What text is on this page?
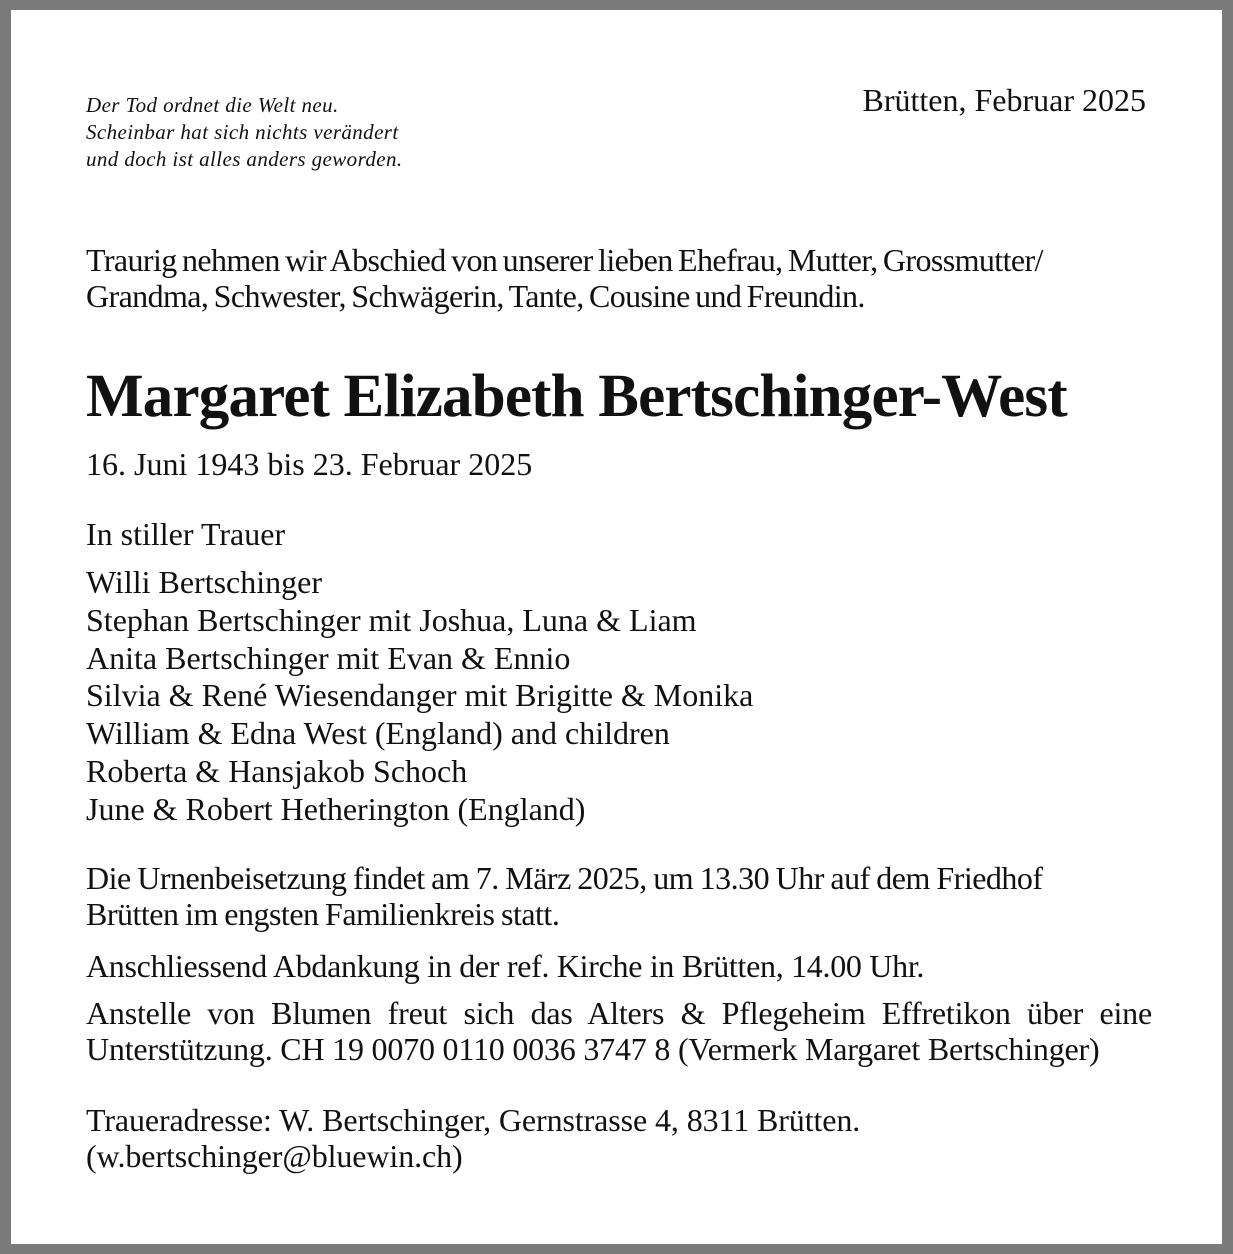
Der Tod ordnet die Welt neu.
Scheinbar hat sich nichts verändert
und doch ist alles anders geworden.
Brütten, Februar 2025
Traurig nehmen wir Abschied von unserer lieben Ehefrau, Mutter, Grossmutter/
Grandma, Schwester, Schwägerin, Tante, Cousine und Freundin.
Margaret Elizabeth Bertschinger-West
16. Juni 1943 bis 23. Februar 2025
In stiller Trauer
Willi Bertschinger
Stephan Bertschinger mit Joshua, Luna & Liam
Anita Bertschinger mit Evan & Ennio
Silvia & René Wiesendanger mit Brigitte & Monika
William & Edna West (England) and children
Roberta & Hansjakob Schoch
June & Robert Hetherington (England)
Die Urnenbeisetzung findet am 7. März 2025, um 13.30 Uhr auf dem Friedhof
Brütten im engsten Familienkreis statt.
Anschliessend Abdankung in der ref. Kirche in Brütten, 14.00 Uhr.
Anstelle von Blumen freut sich das Alters & Pflegeheim Effretikon über eine
Unterstützung. CH 19 0070 0110 0036 3747 8 (Vermerk Margaret Bertschinger)
Traueradresse: W. Bertschinger, Gernstrasse 4, 8311 Brütten.
(w.bertschinger@bluewin.ch)
